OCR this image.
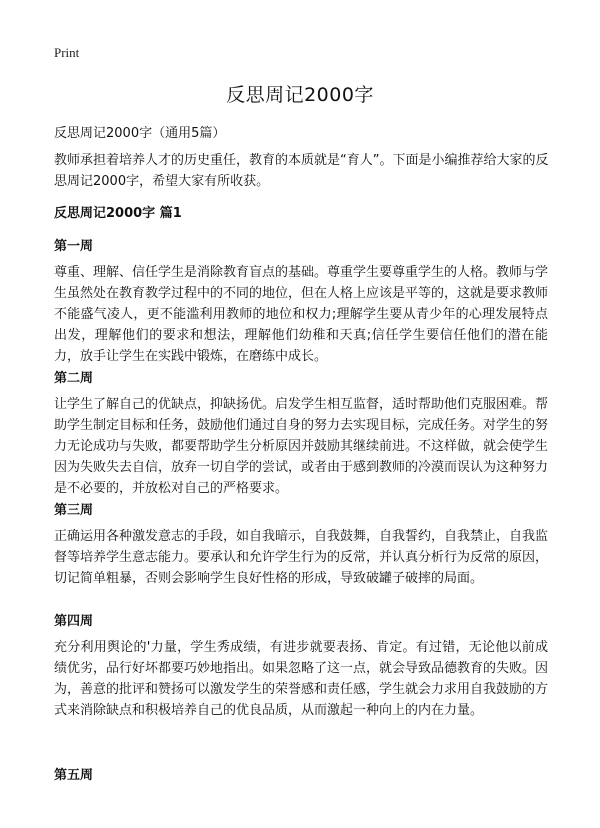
Print
反思周记2000字

反思周记2000字（通用5篇）

教师承担着培养人才的历史重任，教育的本质就是“育人”。下面是小编推荐给大家的反思周记2000字，希望大家有所收获。

反思周记2000字 篇1
第一周

尊重、理解、信任学生是消除教育盲点的基础。尊重学生要尊重学生的人格。教师与学生虽然处在教育教学过程中的不同的地位，但在人格上应该是平等的，这就是要求教师不能盛气凌人，更不能滥利用教师的地位和权力;理解学生要从青少年的心理发展特点出发，理解他们的要求和想法，理解他们幼稚和天真;信任学生要信任他们的潜在能力，放手让学生在实践中锻炼，在磨练中成长。

第二周

让学生了解自己的优缺点，抑缺扬优。启发学生相互监督，适时帮助他们克服困难。帮助学生制定目标和任务，鼓励他们通过自身的努力去实现目标，完成任务。对学生的努力无论成功与失败，都要帮助学生分析原因并鼓励其继续前进。不这样做，就会使学生因为失败失去自信，放弃一切自学的尝试，或者由于感到教师的冷漠而误认为这种努力是不必要的，并放松对自己的严格要求。

第三周

正确运用各种激发意志的手段，如自我暗示，自我鼓舞，自我誓约，自我禁止，自我监督等培养学生意志能力。要承认和允许学生行为的反常，并认真分析行为反常的原因，切记简单粗暴，否则会影响学生良好性格的形成，导致破罐子破摔的局面。

第四周

充分利用舆论的'力量，学生秀成绩，有进步就要表扬、肯定。有过错，无论他以前成绩优劣，品行好坏都要巧妙地指出。如果忽略了这一点，就会导致品德教育的失败。因为，善意的批评和赞扬可以激发学生的荣誉感和责任感，学生就会力求用自我鼓励的方式来消除缺点和积极培养自己的优良品质，从而激起一种向上的内在力量。

第五周
